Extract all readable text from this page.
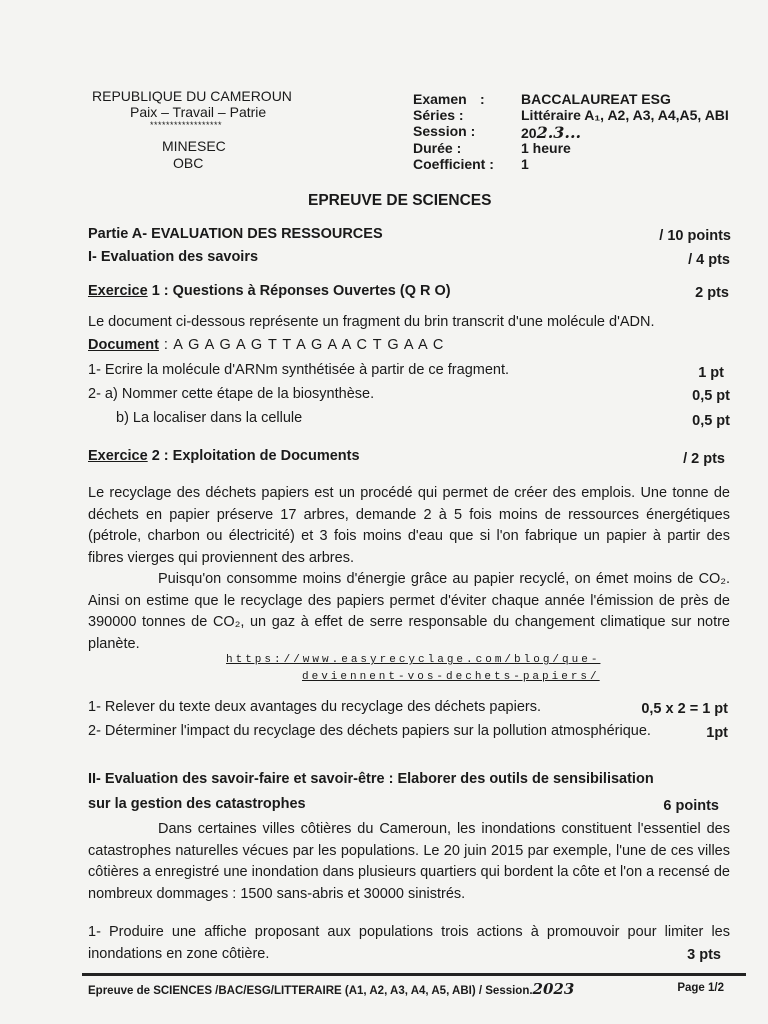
REPUBLIQUE DU CAMEROUN
Paix – Travail – Patrie
******************
MINESEC
OBC
Examen :	BACCALAUREAT ESG
Séries :	Littéraire A₁, A2, A3, A4,A5, ABI
Session :	202.3...
Durée :	1 heure
Coefficient : 1
EPREUVE DE SCIENCES
Partie A- EVALUATION DES RESSOURCES	/ 10 points
I- Evaluation des savoirs	/ 4 pts
Exercice 1 : Questions à Réponses Ouvertes (Q R O)	2 pts
Le document ci-dessous représente un fragment du brin transcrit d'une molécule d'ADN.
Document : A G A G A G T T A G A A C T G A A C
1- Ecrire la molécule d'ARNm synthétisée à partir de ce fragment.	1 pt
2- a) Nommer cette étape de la biosynthèse.	0,5 pt
b) La localiser dans la cellule	0,5 pt
Exercice 2 : Exploitation de Documents	/ 2 pts

Le recyclage des déchets papiers est un procédé qui permet de créer des emplois. Une tonne de déchets en papier préserve 17 arbres, demande 2 à 5 fois moins de ressources énergétiques (pétrole, charbon ou électricité) et 3 fois moins d'eau que si l'on fabrique un papier à partir des fibres vierges qui proviennent des arbres.

Puisqu'on consomme moins d'énergie grâce au papier recyclé, on émet moins de CO₂. Ainsi on estime que le recyclage des papiers permet d'éviter chaque année l'émission de près de 390000 tonnes de CO₂, un gaz à effet de serre responsable du changement climatique sur notre planète.

https://www.easyrecyclage.com/blog/que-
deviennent-vos-dechets-papiers/
1- Relever du texte deux avantages du recyclage des déchets papiers.	0,5 x 2 = 1 pt
2- Déterminer l'impact du recyclage des déchets papiers sur la pollution atmosphérique.	1pt
II- Evaluation des savoir-faire et savoir-être : Elaborer des outils de sensibilisation
sur la gestion des catastrophes	6 points

Dans certaines villes côtières du Cameroun, les inondations constituent l'essentiel des catastrophes naturelles vécues par les populations. Le 20 juin 2015 par exemple, l'une de ces villes côtières a enregistré une inondation dans plusieurs quartiers qui bordent la côte et l'on a recensé de nombreux dommages : 1500 sans-abris et 30000 sinistrés.

1- Produire une affiche proposant aux populations trois actions à promouvoir pour limiter les inondations en zone côtière.	3 pts
Epreuve de SCIENCES /BAC/ESG/LITTERAIRE (A1, A2, A3, A4, A5, ABI) / Session.2023	Page 1/2
